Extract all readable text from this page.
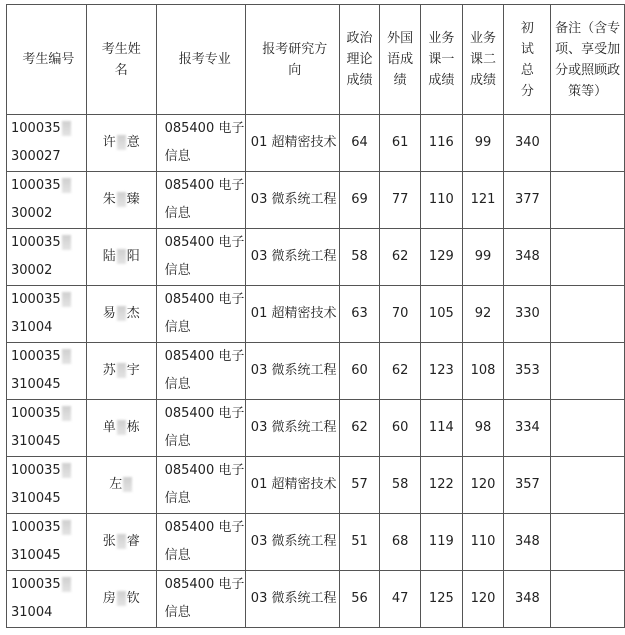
考生编号	考生姓名	报考专业	报考研究方向	政治理论成绩	外国语成绩	业务课一成绩	业务课二成绩	初试总分	备注（含专项、享受加分或照顾政策等）

100035
300027	许 意	085400 电子信息	01 超精密技术	64	61	116	99	340	

100035
30002	朱 臻	085400 电子信息	03 微系统工程	69	77	110	121	377	

100035
30002	陆 阳	085400 电子信息	03 微系统工程	58	62	129	99	348	

100035
31004	易 杰	085400 电子信息	01 超精密技术	63	70	105	92	330	

100035
310045	苏 宇	085400 电子信息	03 微系统工程	60	62	123	108	353	

100035
310045	单 栋	085400 电子信息	03 微系统工程	62	60	114	98	334	

100035
310045	左	085400 电子信息	01 超精密技术	57	58	122	120	357	

100035
310045	张 睿	085400 电子信息	03 微系统工程	51	68	119	110	348	

100035
31004	房 钦	085400 电子信息	03 微系统工程	56	47	125	120	348	
